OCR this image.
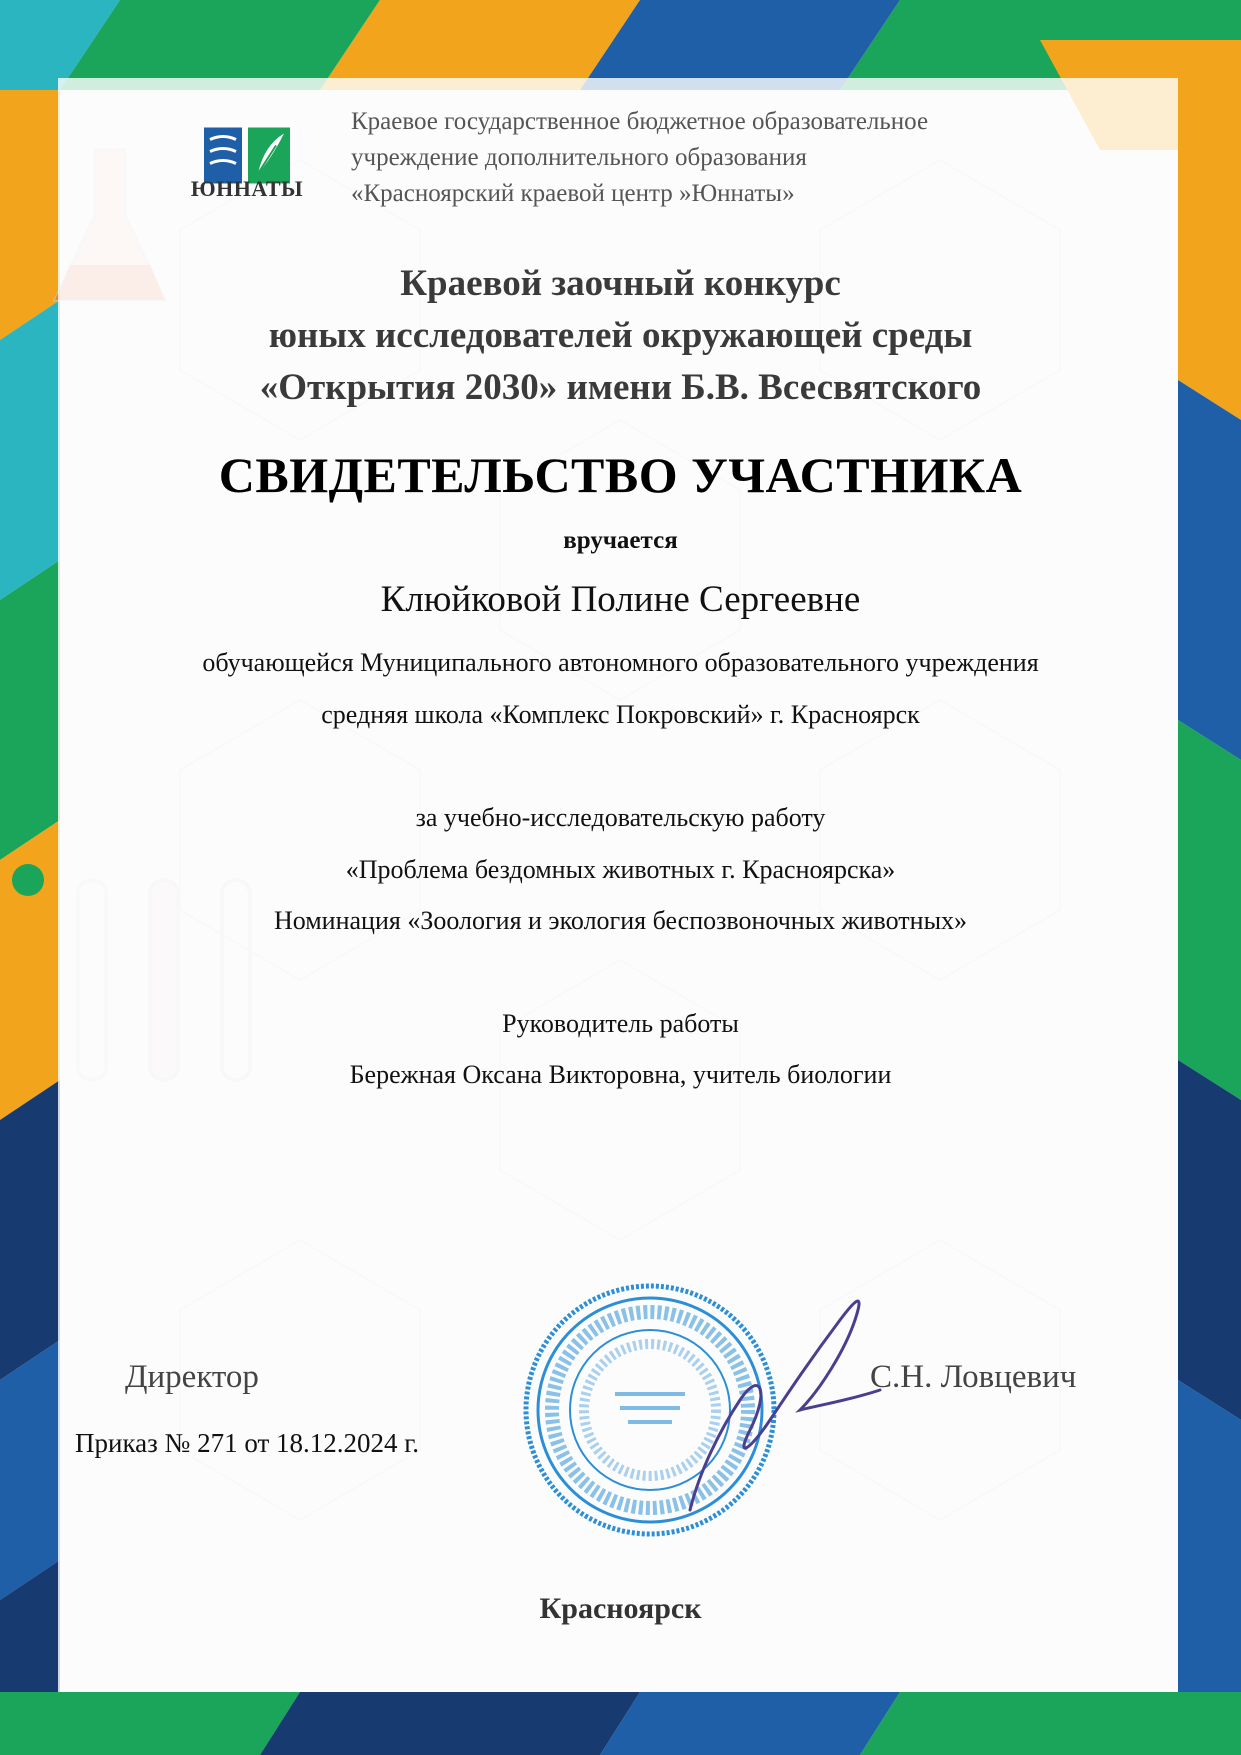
ЮННАТЫ
Краевое государственное бюджетное образовательное
учреждение дополнительного образования
«Красноярский краевой центр »Юннаты»
Краевой заочный конкурс
юных исследователей окружающей среды
«Открытия 2030» имени Б.В. Всесвятского
СВИДЕТЕЛЬСТВО УЧАСТНИКА
вручается
Клюйковой Полине Сергеевне
обучающейся Муниципального автономного образовательного учреждения
средняя школа «Комплекс Покровский» г. Красноярск
за учебно-исследовательскую работу
«Проблема бездомных животных г. Красноярска»
Номинация «Зоология и экология беспозвоночных животных»
Руководитель работы
Бережная Оксана Викторовна, учитель биологии
Директор	С.Н. Ловцевич
Приказ № 271 от 18.12.2024 г.
Красноярск
